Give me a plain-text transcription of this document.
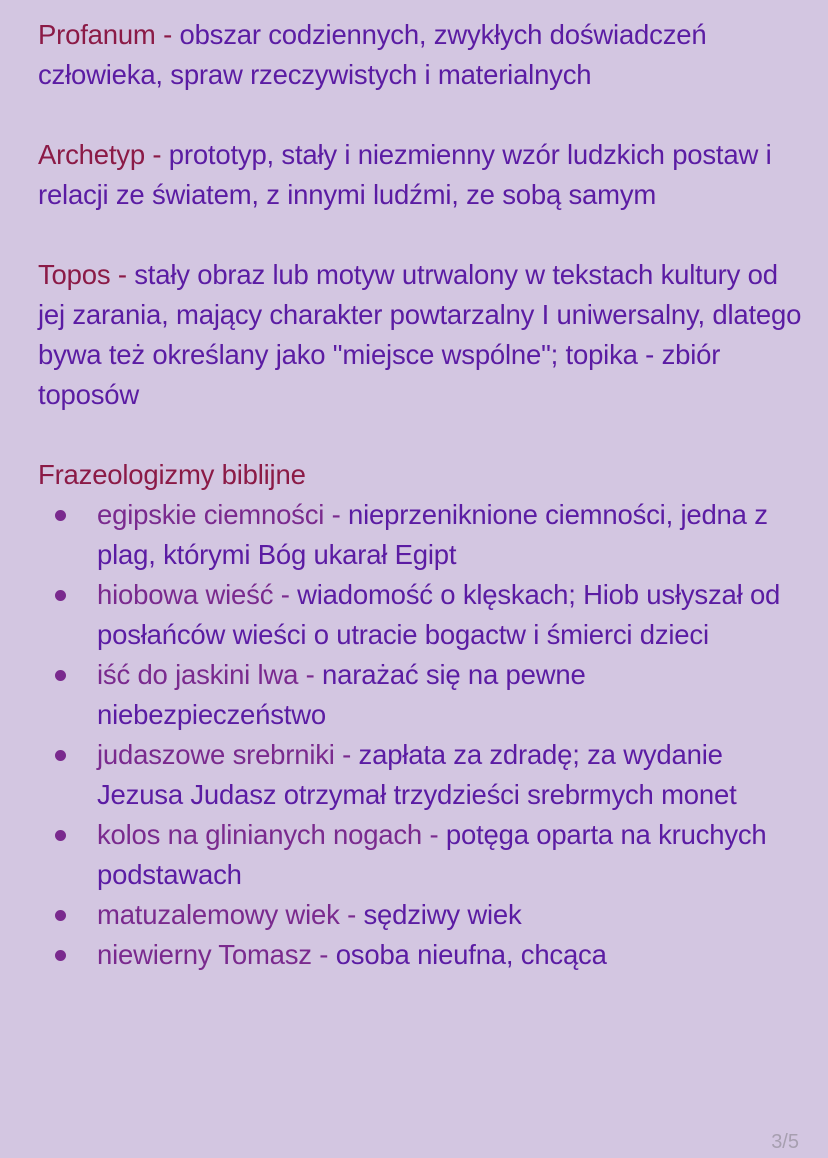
Profanum - obszar codziennych, zwykłych doświadczeń człowieka, spraw rzeczywistych i materialnych

Archetyp - prototyp, stały i niezmienny wzór ludzkich postaw i relacji ze światem, z innymi ludźmi, ze sobą samym

Topos - stały obraz lub motyw utrwalony w tekstach kultury od jej zarania, mający charakter powtarzalny I uniwersalny, dlatego bywa też określany jako "miejsce wspólne"; topika - zbiór toposów

Frazeologizmy biblijne

egipskie ciemności - nieprzeniknione ciemności, jedna z plag, którymi Bóg ukarał Egipt
hiobowa wieść - wiadomość o klęskach; Hiob usłyszał od posłańców wieści o utracie bogactw i śmierci dzieci
iść do jaskini lwa - narażać się na pewne niebezpieczeństwo
judaszowe srebrniki - zapłata za zdradę; za wydanie Jezusa Judasz otrzymał trzydzieści srebrmych monet
kolos na glinianych nogach - potęga oparta na kruchych podstawach
matuzalemowy wiek - sędziwy wiek
niewierny Tomasz - osoba nieufna, chcąca
3/5
